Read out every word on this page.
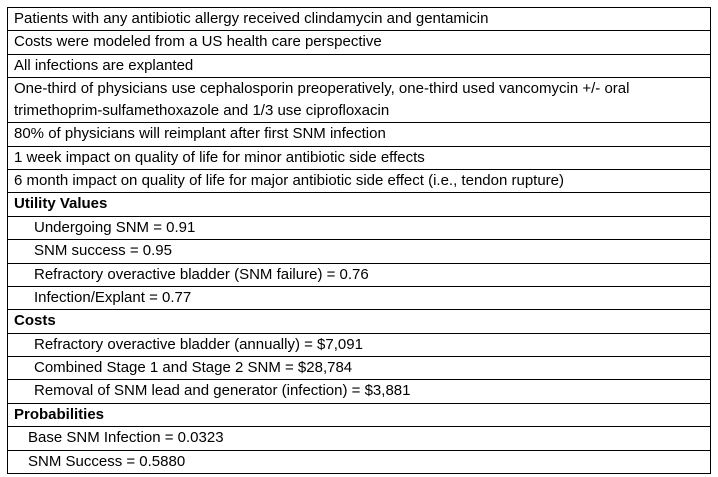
Patients with any antibiotic allergy received clindamycin and gentamicin
Costs were modeled from a US health care perspective
All infections are explanted
One-third of physicians use cephalosporin preoperatively, one-third used vancomycin +/- oral trimethoprim-sulfamethoxazole and 1/3 use ciprofloxacin
80% of physicians will reimplant after first SNM infection
1 week impact on quality of life for minor antibiotic side effects
6 month impact on quality of life for major antibiotic side effect (i.e., tendon rupture)
Utility Values
Undergoing SNM = 0.91
SNM success = 0.95
Refractory overactive bladder (SNM failure) = 0.76
Infection/Explant = 0.77
Costs
Refractory overactive bladder (annually) = $7,091
Combined Stage 1 and Stage 2 SNM = $28,784
Removal of SNM lead and generator (infection) = $3,881
Probabilities
Base SNM Infection = 0.0323
SNM Success = 0.5880
